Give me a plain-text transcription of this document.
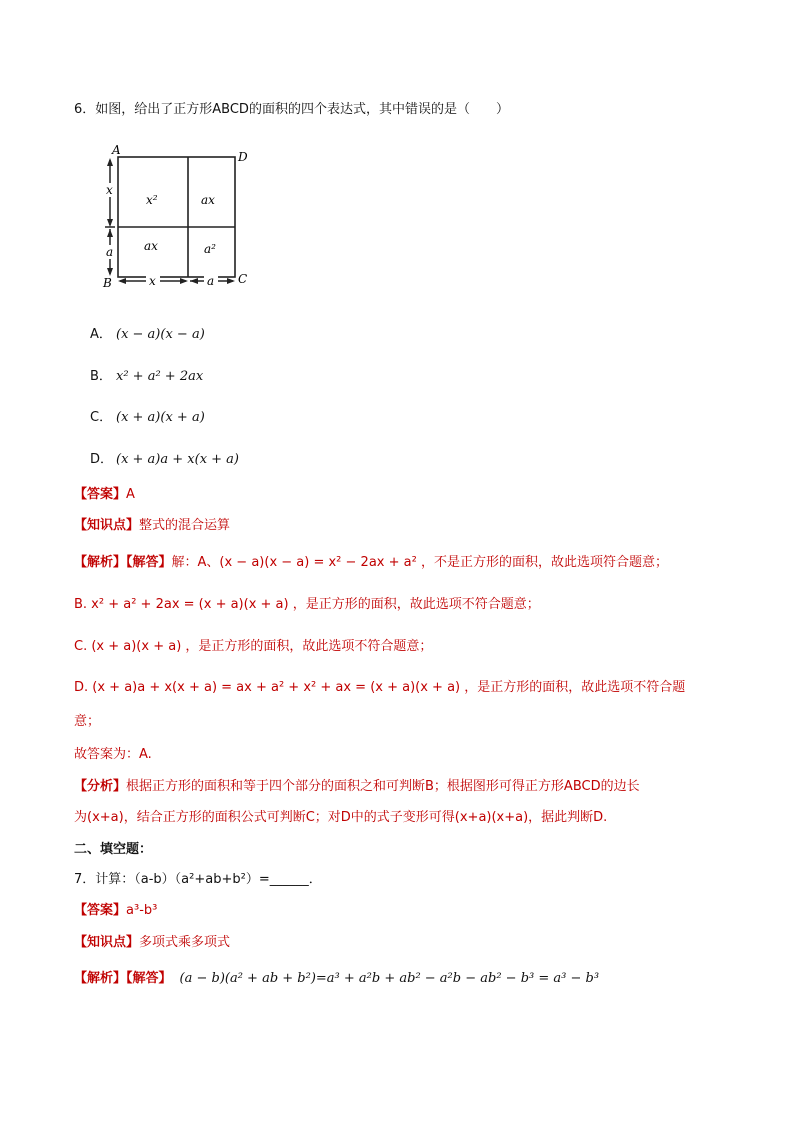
6．如图，给出了正方形ABCD的面积的四个表达式，其中错误的是（　　）
A	D
B	C
x²	ax
ax	a²
x
a
x	a
A． (x − a)(x − a)
B． x² + a² + 2ax
C． (x + a)(x + a)
D． (x + a)a + x(x + a)
【答案】A
【知识点】整式的混合运算
【解析】【解答】解：A、(x − a)(x − a) = x² − 2ax + a² ，不是正方形的面积，故此选项符合题意；
B. x² + a² + 2ax = (x + a)(x + a) ，是正方形的面积，故此选项不符合题意；
C. (x + a)(x + a) ，是正方形的面积，故此选项不符合题意；
D. (x + a)a + x(x + a) = ax + a² + x² + ax = (x + a)(x + a) ，是正方形的面积，故此选项不符合题
意；
故答案为：A.
【分析】根据正方形的面积和等于四个部分的面积之和可判断B；根据图形可得正方形ABCD的边长
为(x+a)，结合正方形的面积公式可判断C；对D中的式子变形可得(x+a)(x+a)，据此判断D.
二、填空题：
7．计算：（a-b）（a²+ab+b²）=______．
【答案】a³-b³
【知识点】多项式乘多项式
【解析】【解答】 (a − b)(a² + ab + b²)=a³ + a²b + ab² − a²b − ab² − b³ = a³ − b³
